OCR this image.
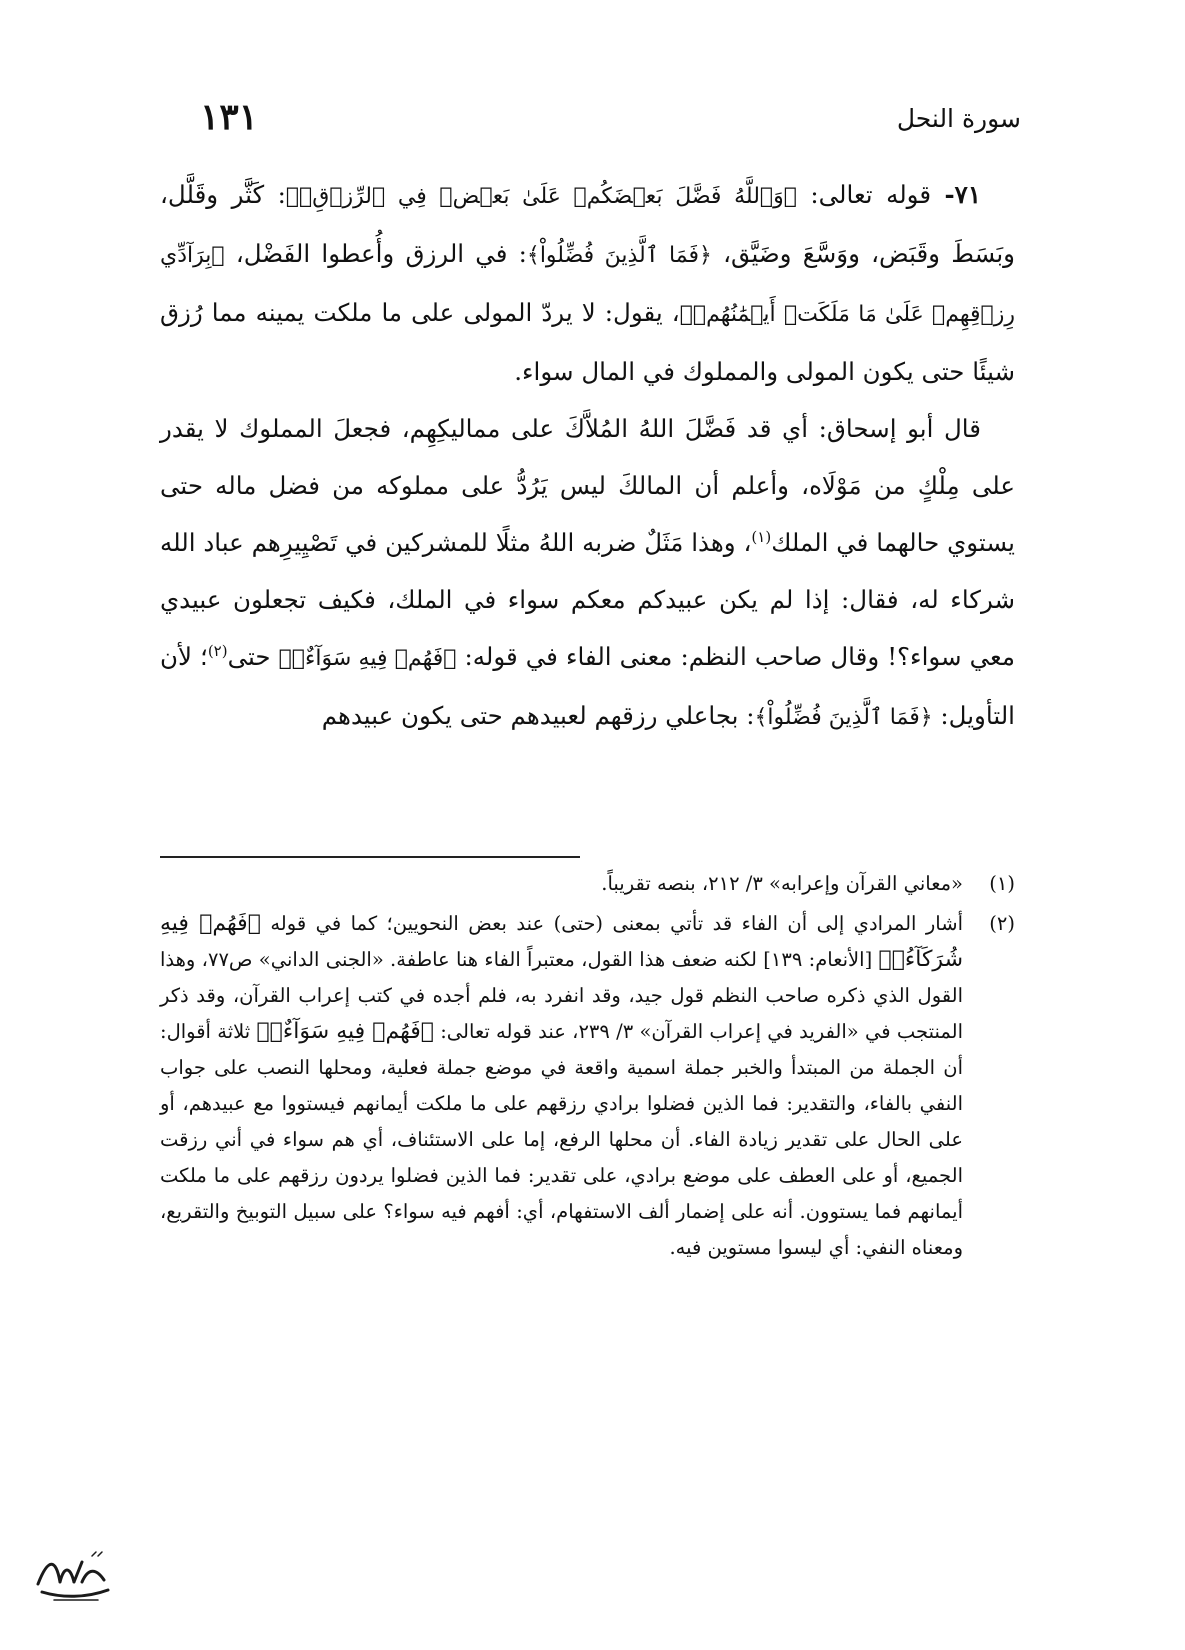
سورة النحل
١٣١

٧١- قوله تعالى: ﴿وَٱللَّهُ فَضَّلَ بَعۡضَكُمۡ عَلَىٰ بَعۡضٖ فِي ٱلرِّزۡقِۚ﴾: كَثَّر وقَلَّل، وبَسَطَ وقَبَض، ووَسَّعَ وضَيَّق، ﴿فَمَا ٱلَّذِينَ فُضِّلُواْ﴾: في الرزق وأُعطوا الفَضْل، ﴿بِرَآدِّي رِزۡقِهِمۡ عَلَىٰ مَا مَلَكَتۡ أَيۡمَٰنُهُمۡ﴾، يقول: لا يردّ المولى على ما ملكت يمينه مما رُزق شيئًا حتى يكون المولى والمملوك في المال سواء.

قال أبو إسحاق: أي قد فَضَّلَ اللهُ المُلاَّكَ على مماليكِهِم، فجعلَ المملوك لا يقدر على مِلْكٍ من مَوْلَاه، وأعلم أن المالكَ ليس يَرُدُّ على مملوكه من فضل ماله حتى يستوي حالهما في الملك$^{(١)}$، وهذا مَثَلٌ ضربه اللهُ مثلًا للمشركين في تَصْيِيرِهم عباد الله شركاء له، فقال: إذا لم يكن عبيدكم معكم سواء في الملك، فكيف تجعلون عبيدي معي سواء؟! وقال صاحب النظم: معنى الفاء في قوله: ﴿فَهُمۡ فِيهِ سَوَآءٌۚ﴾ حتى$^{(٢)}$؛ لأن التأويل: ﴿فَمَا ٱلَّذِينَ فُضِّلُواْ﴾: بجاعلي رزقهم لعبيدهم حتى يكون عبيدهم

(١)
«معاني القرآن وإعرابه» ٣/ ٢١٢، بنصه تقريباً.
(٢)
أشار المرادي إلى أن الفاء قد تأتي بمعنى (حتى) عند بعض النحويين؛ كما في قوله ﴿فَهُمۡ فِيهِ شُرَكَآءُۚ﴾ [الأنعام: ١٣٩] لكنه ضعف هذا القول، معتبراً الفاء هنا عاطفة. «الجنى الداني» ص٧٧، وهذا القول الذي ذكره صاحب النظم قول جيد، وقد انفرد به، فلم أجده في كتب إعراب القرآن، وقد ذكر المنتجب في «الفريد في إعراب القرآن» ٣/ ٢٣٩، عند قوله تعالى: ﴿فَهُمۡ فِيهِ سَوَآءٌۚ﴾ ثلاثة أقوال: أن الجملة من المبتدأ والخبر جملة اسمية واقعة في موضع جملة فعلية، ومحلها النصب على جواب النفي بالفاء، والتقدير: فما الذين فضلوا برادي رزقهم على ما ملكت أيمانهم فيستووا مع عبيدهم، أو على الحال على تقدير زيادة الفاء. أن محلها الرفع، إما على الاستئناف، أي هم سواء في أني رزقت الجميع، أو على العطف على موضع برادي، على تقدير: فما الذين فضلوا يردون رزقهم على ما ملكت أيمانهم فما يستوون. أنه على إضمار ألف الاستفهام، أي: أفهم فيه سواء؟ على سبيل التوبيخ والتقريع، ومعناه النفي: أي ليسوا مستوين فيه.
